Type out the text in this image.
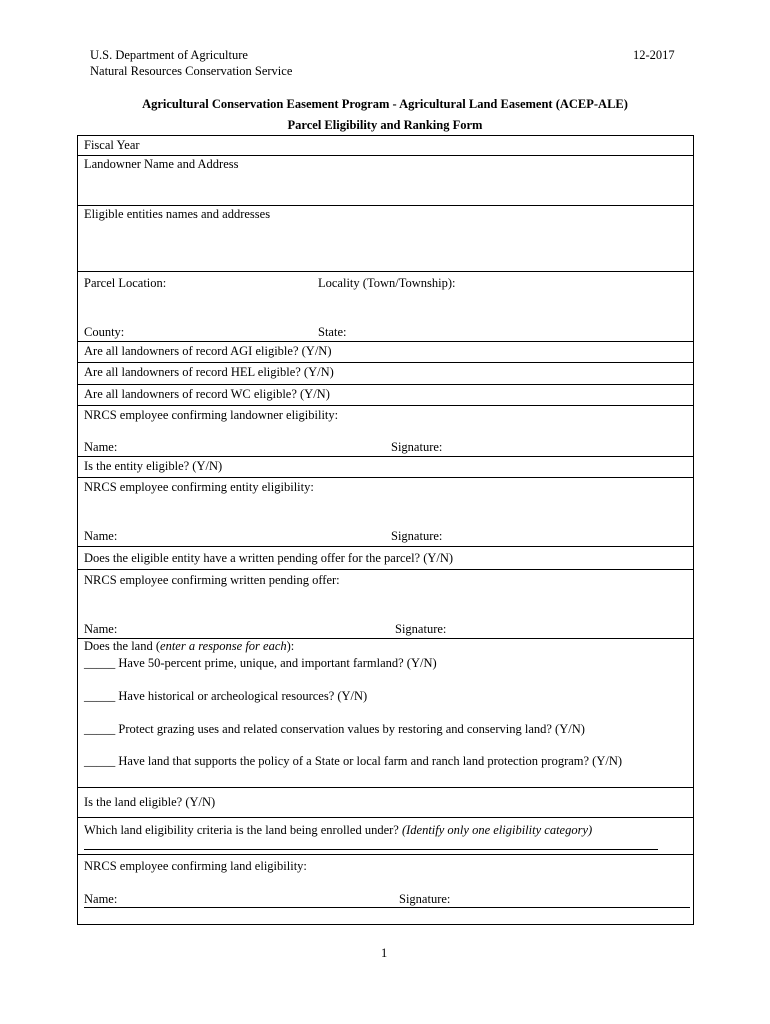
U.S. Department of Agriculture
Natural Resources Conservation Service
12-2017
Agricultural Conservation Easement Program - Agricultural Land Easement (ACEP-ALE)
Parcel Eligibility and Ranking Form
Fiscal Year
Landowner Name and Address
Eligible entities names and addresses
Parcel Location:	Locality (Town/Township):
County:	State:
Are all landowners of record AGI eligible? (Y/N)
Are all landowners of record HEL eligible? (Y/N)
Are all landowners of record WC eligible? (Y/N)
NRCS employee confirming landowner eligibility:
Name:	Signature:
Is the entity eligible? (Y/N)
NRCS employee confirming entity eligibility:
Name:	Signature:
Does the eligible entity have a written pending offer for the parcel? (Y/N)
NRCS employee confirming written pending offer:
Name:	Signature:
Does the land (enter a response for each):
_____ Have 50-percent prime, unique, and important farmland? (Y/N)
_____ Have historical or archeological resources? (Y/N)
_____ Protect grazing uses and related conservation values by restoring and conserving land? (Y/N)
_____ Have land that supports the policy of a State or local farm and ranch land protection program? (Y/N)
Is the land eligible? (Y/N)
Which land eligibility criteria is the land being enrolled under? (Identify only one eligibility category)
NRCS employee confirming land eligibility:
Name:	Signature:
1
